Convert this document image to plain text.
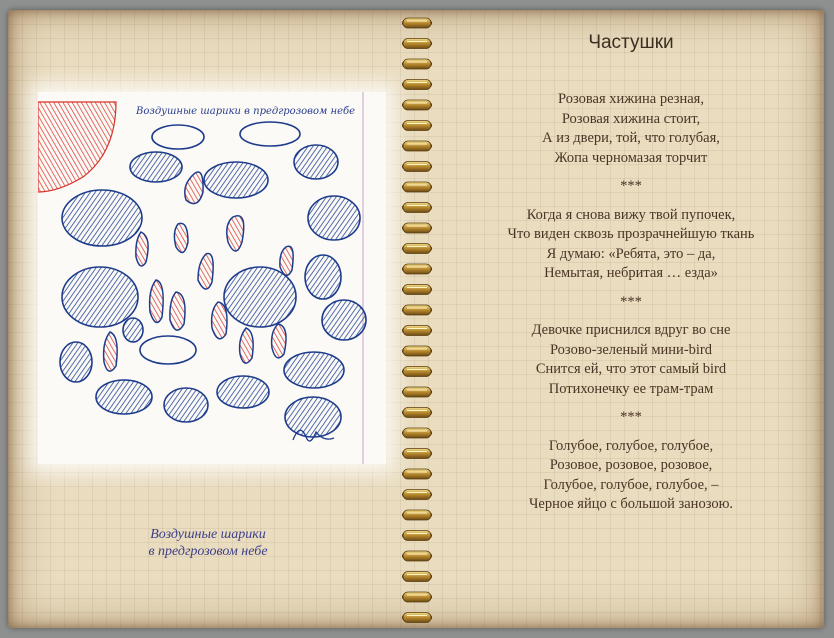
Воздушные шарики в предгрозовом небе
Воздушные шарики
в предгрозовом небе
Частушки
Розовая хижина резная,
Розовая хижина стоит,
А из двери, той, что голубая,
Жопа черномазая торчит
***
Когда я снова вижу твой пупочек,
Что виден сквозь прозрачнейшую ткань
Я думаю: «Ребята, это – да,
Немытая, небритая … езда»
***
Девочке приснился вдруг во сне
Розово-зеленый мини-bird
Снится ей, что этот самый bird
Потихонечку ее трам-трам
***
Голубое, голубое, голубое,
Розовое, розовое, розовое,
Голубое, голубое, голубое, –
Черное яйцо с большой занозою.
